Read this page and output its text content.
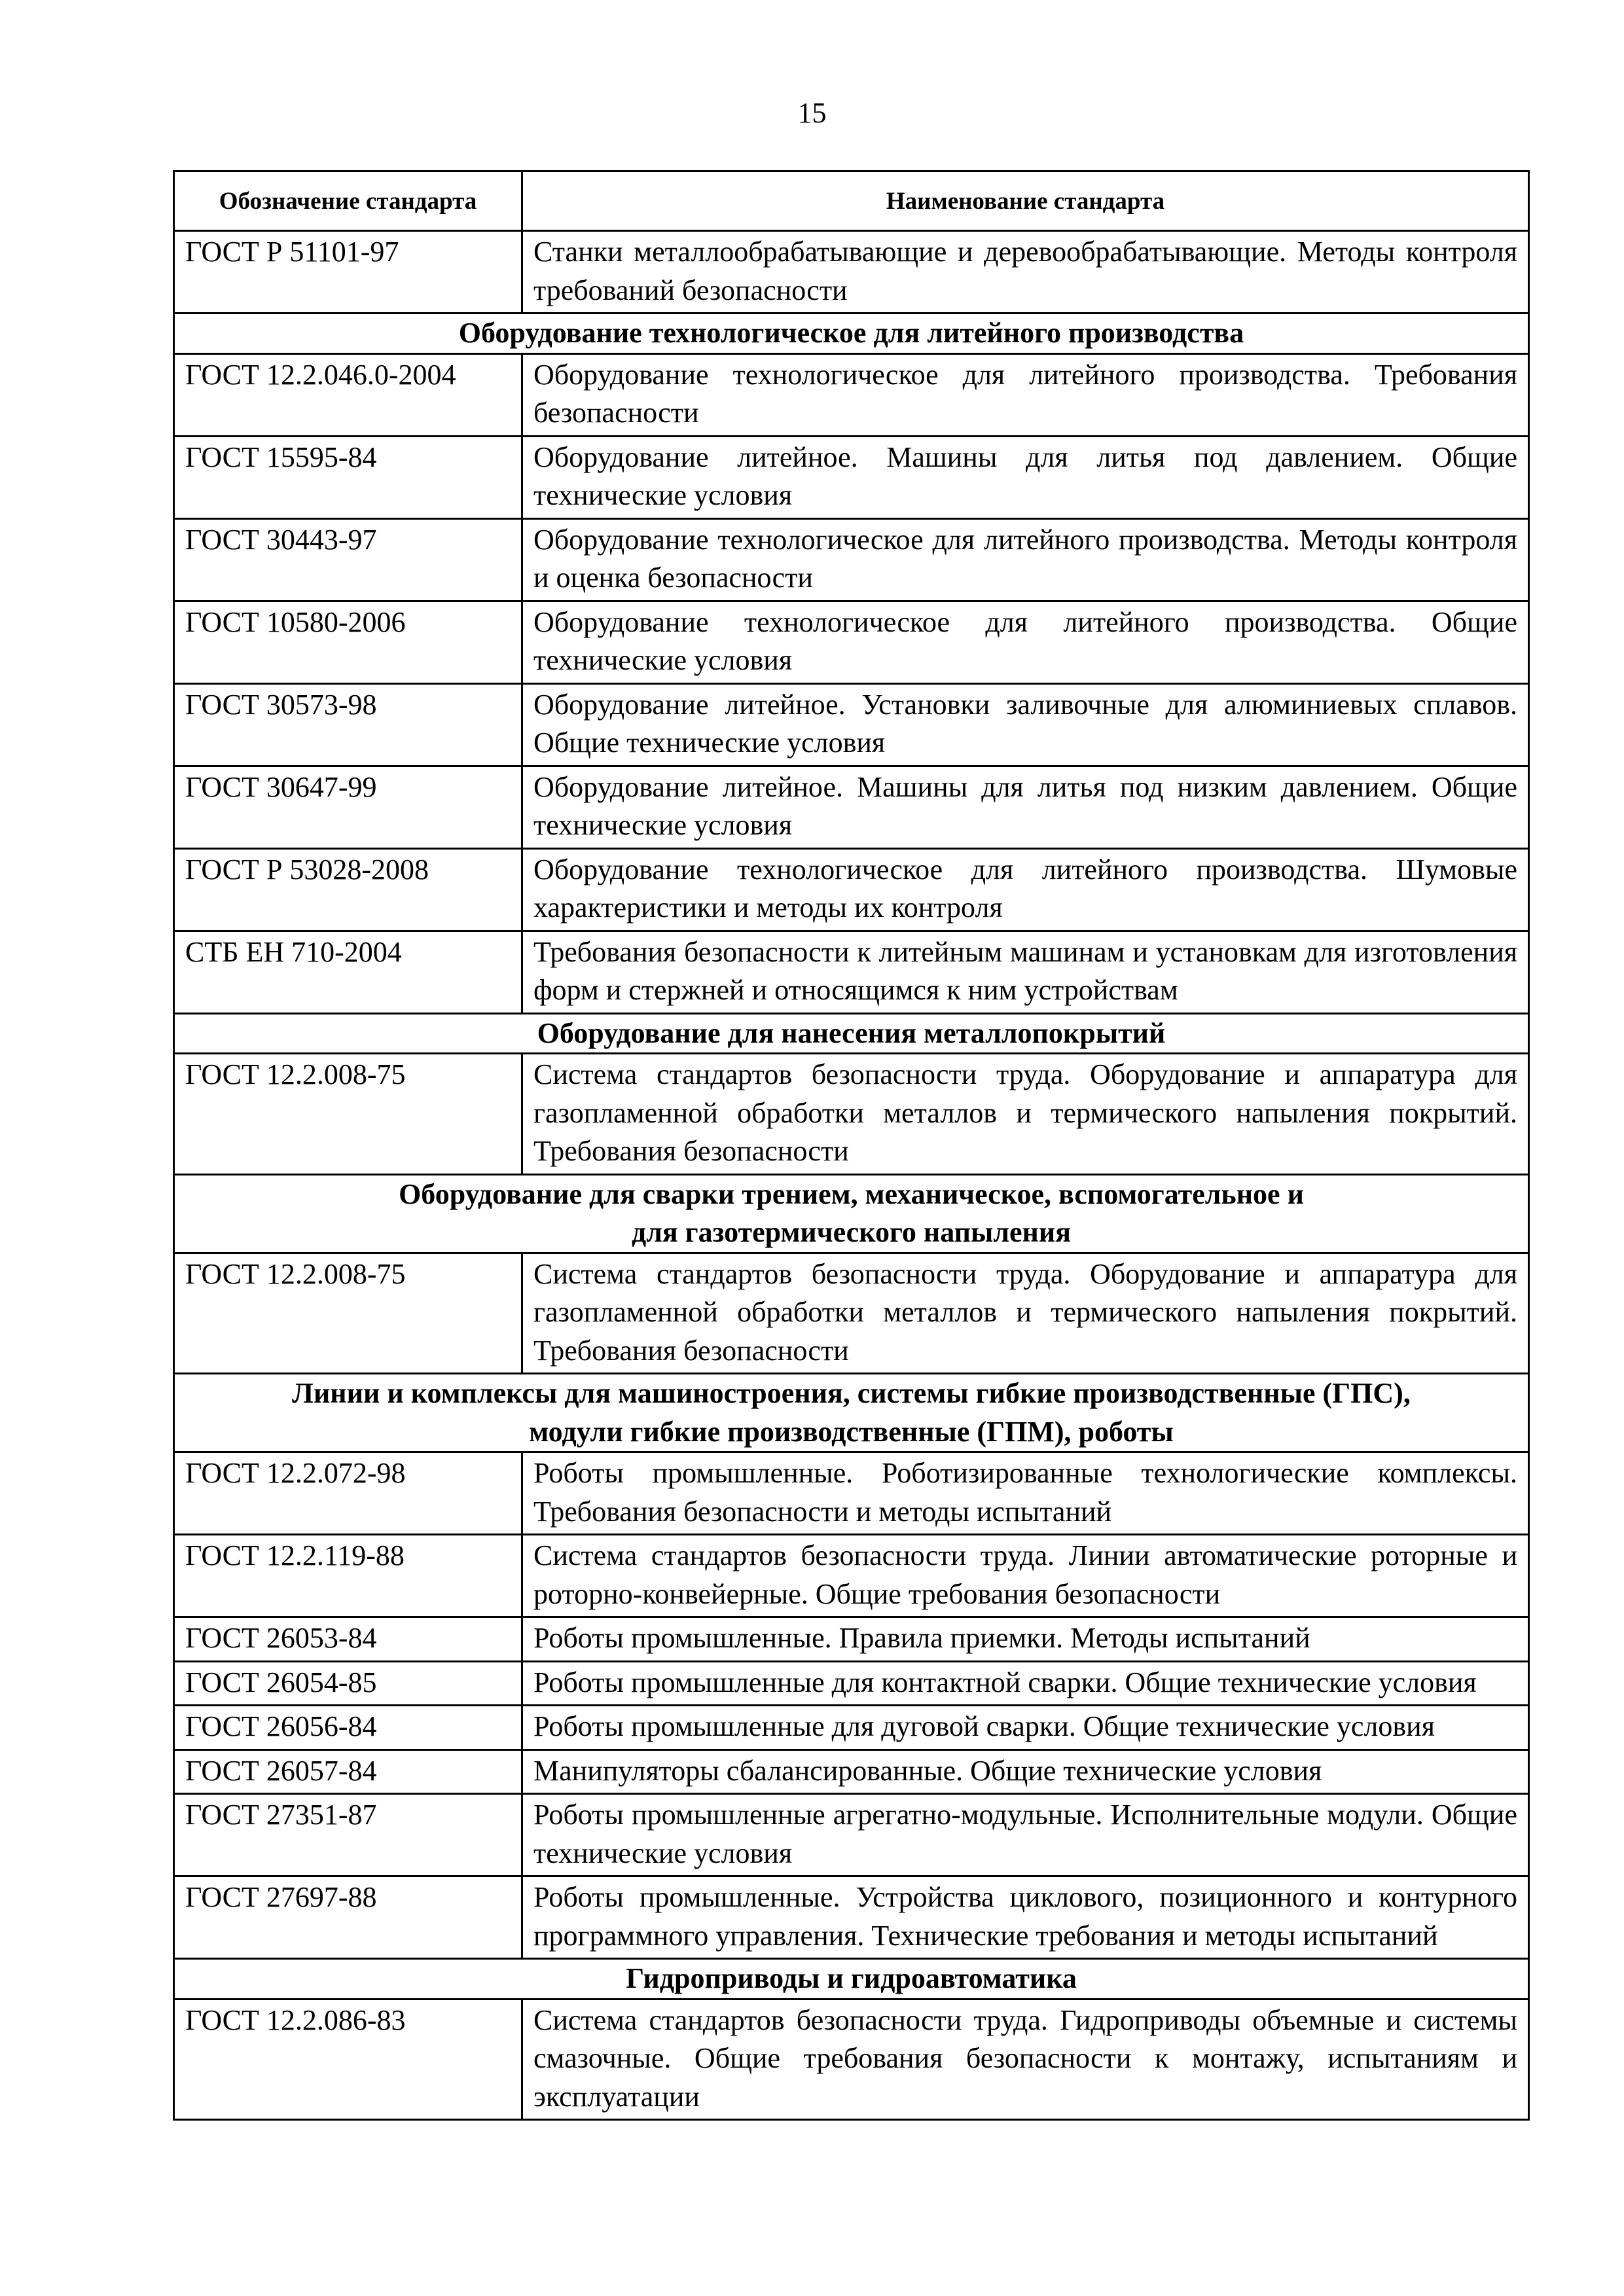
15
Обозначение стандарта	Наименование стандарта
ГОСТ Р 51101-97	Станки металлообрабатывающие и деревообрабатывающие. Методы контроля требований безопасности
Оборудование технологическое для литейного производства	
ГОСТ 12.2.046.0-2004	Оборудование технологическое для литейного производства. Требования безопасности
ГОСТ 15595-84	Оборудование литейное. Машины для литья под давлением. Общие технические условия
ГОСТ 30443-97	Оборудование технологическое для литейного производства. Методы контроля и оценка безопасности
ГОСТ 10580-2006	Оборудование технологическое для литейного производства. Общие технические условия
ГОСТ 30573-98	Оборудование литейное. Установки заливочные для алюминиевых сплавов. Общие технические условия
ГОСТ 30647-99	Оборудование литейное. Машины для литья под низким давлением. Общие технические условия
ГОСТ Р 53028-2008	Оборудование технологическое для литейного производства. Шумовые характеристики и методы их контроля
СТБ ЕН 710-2004	Требования безопасности к литейным машинам и установкам для изготовления форм и стержней и относящимся к ним устройствам
Оборудование для нанесения металлопокрытий	
ГОСТ 12.2.008-75	Система стандартов безопасности труда. Оборудование и аппаратура для газопламенной обработки металлов и термического напыления покрытий. Требования безопасности
Оборудование для сварки трением, механическое, вспомогательное и
для газотермического напыления	
ГОСТ 12.2.008-75	Система стандартов безопасности труда. Оборудование и аппаратура для газопламенной обработки металлов и термического напыления покрытий. Требования безопасности
Линии и комплексы для машиностроения, системы гибкие производственные (ГПС),
модули гибкие производственные (ГПМ), роботы	
ГОСТ 12.2.072-98	Роботы промышленные. Роботизированные технологические комплексы. Требования безопасности и методы испытаний
ГОСТ 12.2.119-88	Система стандартов безопасности труда. Линии автоматические роторные и роторно-конвейерные. Общие требования безопасности
ГОСТ 26053-84	Роботы промышленные. Правила приемки. Методы испытаний
ГОСТ 26054-85	Роботы промышленные для контактной сварки. Общие технические условия
ГОСТ 26056-84	Роботы промышленные для дуговой сварки. Общие технические условия
ГОСТ 26057-84	Манипуляторы сбалансированные. Общие технические условия
ГОСТ 27351-87	Роботы промышленные агрегатно-модульные. Исполнительные модули. Общие технические условия
ГОСТ 27697-88	Роботы промышленные. Устройства циклового, позиционного и контурного программного управления. Технические требования и методы испытаний
Гидроприводы и гидроавтоматика	
ГОСТ 12.2.086-83	Система стандартов безопасности труда. Гидроприводы объемные и системы смазочные. Общие требования безопасности к монтажу, испытаниям и эксплуатации
